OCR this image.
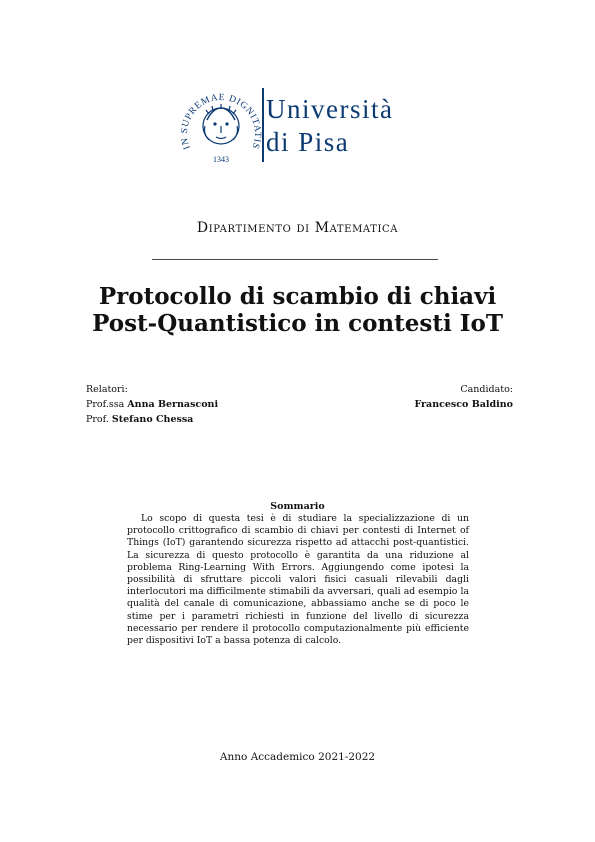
IN SUPREMAE DIGNITATIS
1343
Università
di Pisa
Dipartimento di Matematica
Protocollo di scambio di chiavi
Post-Quantistico in contesti IoT
Relatori:
Prof.ssa Anna Bernasconi
Prof. Stefano Chessa
Candidato:
Francesco Baldino
Sommario
Lo scopo di questa tesi è di studiare la specializzazione di un protocollo crittografico di scambio di chiavi per contesti di Internet of Things (IoT) garantendo sicurezza rispetto ad attacchi post-quantistici. La sicurezza di questo protocollo è garantita da una riduzione al problema Ring-Learning With Errors. Aggiungendo come ipotesi la possibilità di sfruttare piccoli valori fisici casuali rilevabili dagli interlocutori ma difficilmente stimabili da avversari, quali ad esempio la qualità del canale di comunicazione, abbassiamo anche se di poco le stime per i parametri richiesti in funzione del livello di sicurezza necessario per rendere il protocollo computazionalmente più efficiente per dispositivi IoT a bassa potenza di calcolo.
Anno Accademico 2021-2022
